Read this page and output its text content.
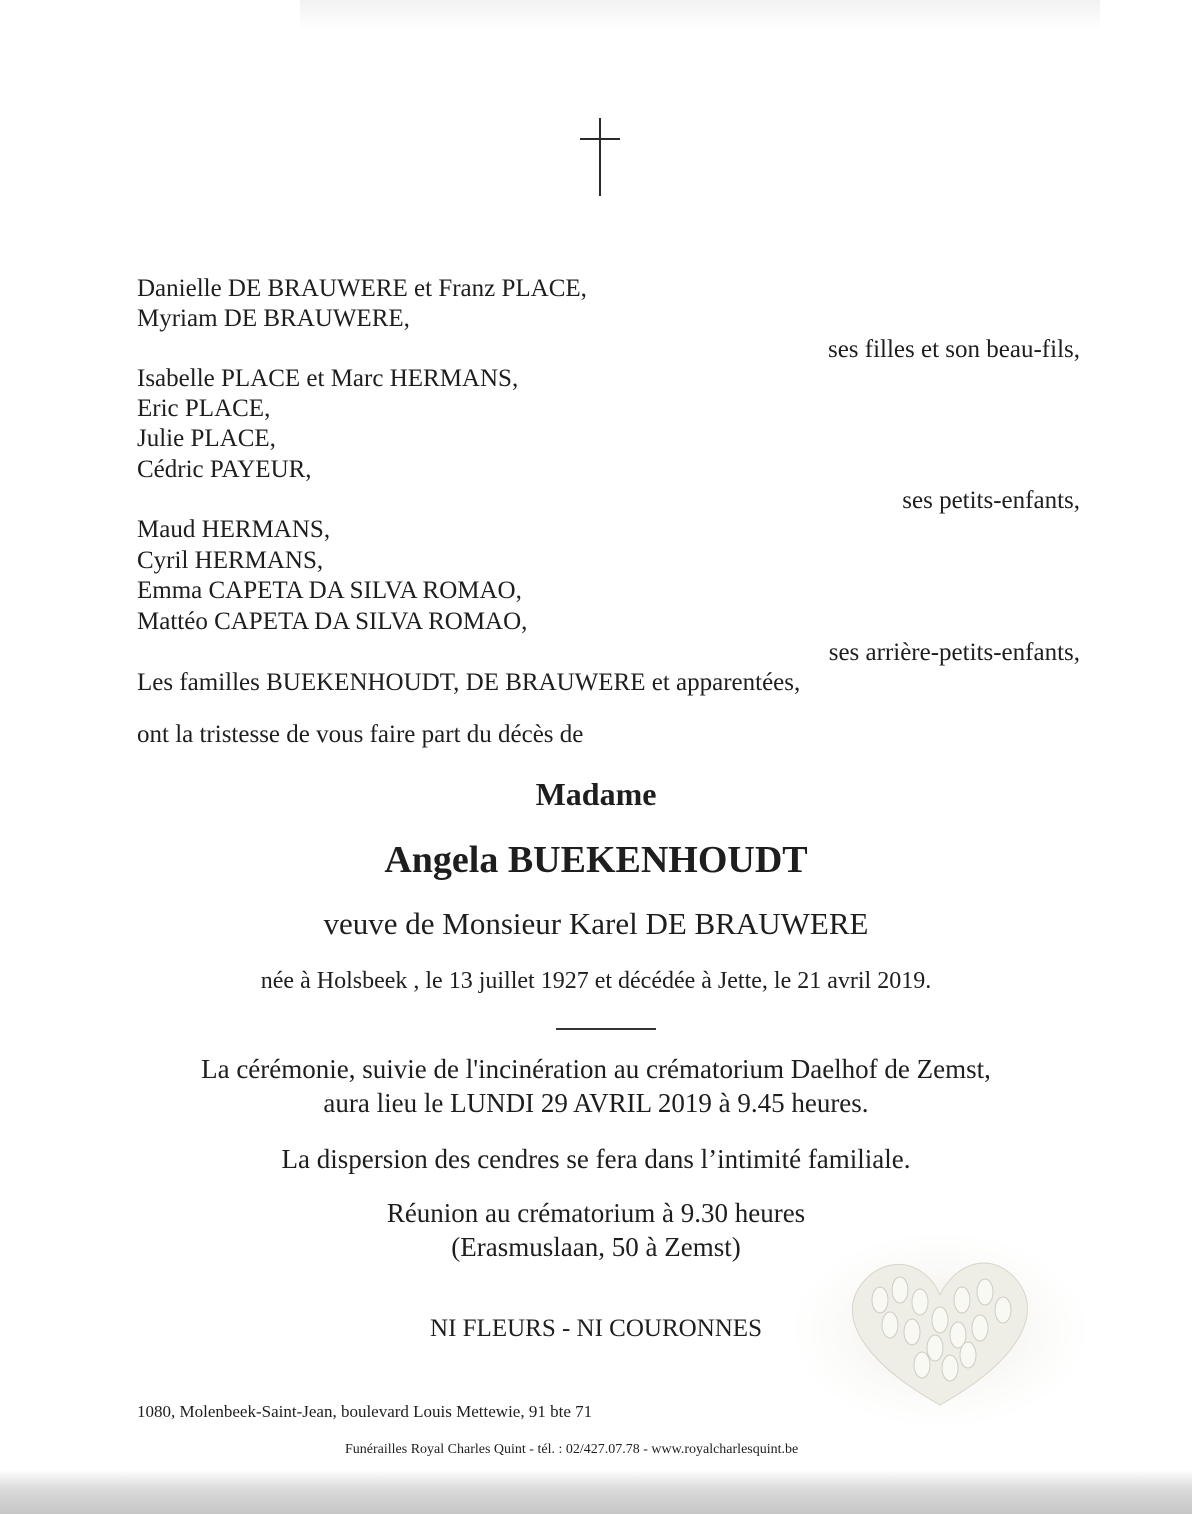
Danielle DE BRAUWERE et Franz PLACE,
Myriam DE BRAUWERE,
ses filles et son beau-fils,
Isabelle PLACE et Marc HERMANS,
Eric PLACE,
Julie PLACE,
Cédric PAYEUR,
ses petits-enfants,
Maud HERMANS,
Cyril HERMANS,
Emma CAPETA DA SILVA ROMAO,
Mattéo CAPETA DA SILVA ROMAO,
ses arrière-petits-enfants,
Les familles BUEKENHOUDT, DE BRAUWERE et apparentées,
ont la tristesse de vous faire part du décès de
Madame
Angela BUEKENHOUDT
veuve de Monsieur Karel DE BRAUWERE
née à Holsbeek , le 13 juillet 1927 et décédée à Jette, le 21 avril 2019.
La cérémonie, suivie de l'incinération au crématorium Daelhof de Zemst,
aura lieu le LUNDI 29 AVRIL 2019 à 9.45 heures.
La dispersion des cendres se fera dans l’intimité familiale.
Réunion au crématorium à 9.30 heures
(Erasmuslaan, 50 à Zemst)
NI FLEURS - NI COURONNES
1080, Molenbeek-Saint-Jean, boulevard Louis Mettewie, 91 bte 71
Funérailles Royal Charles Quint - tél. : 02/427.07.78 - www.royalcharlesquint.be
